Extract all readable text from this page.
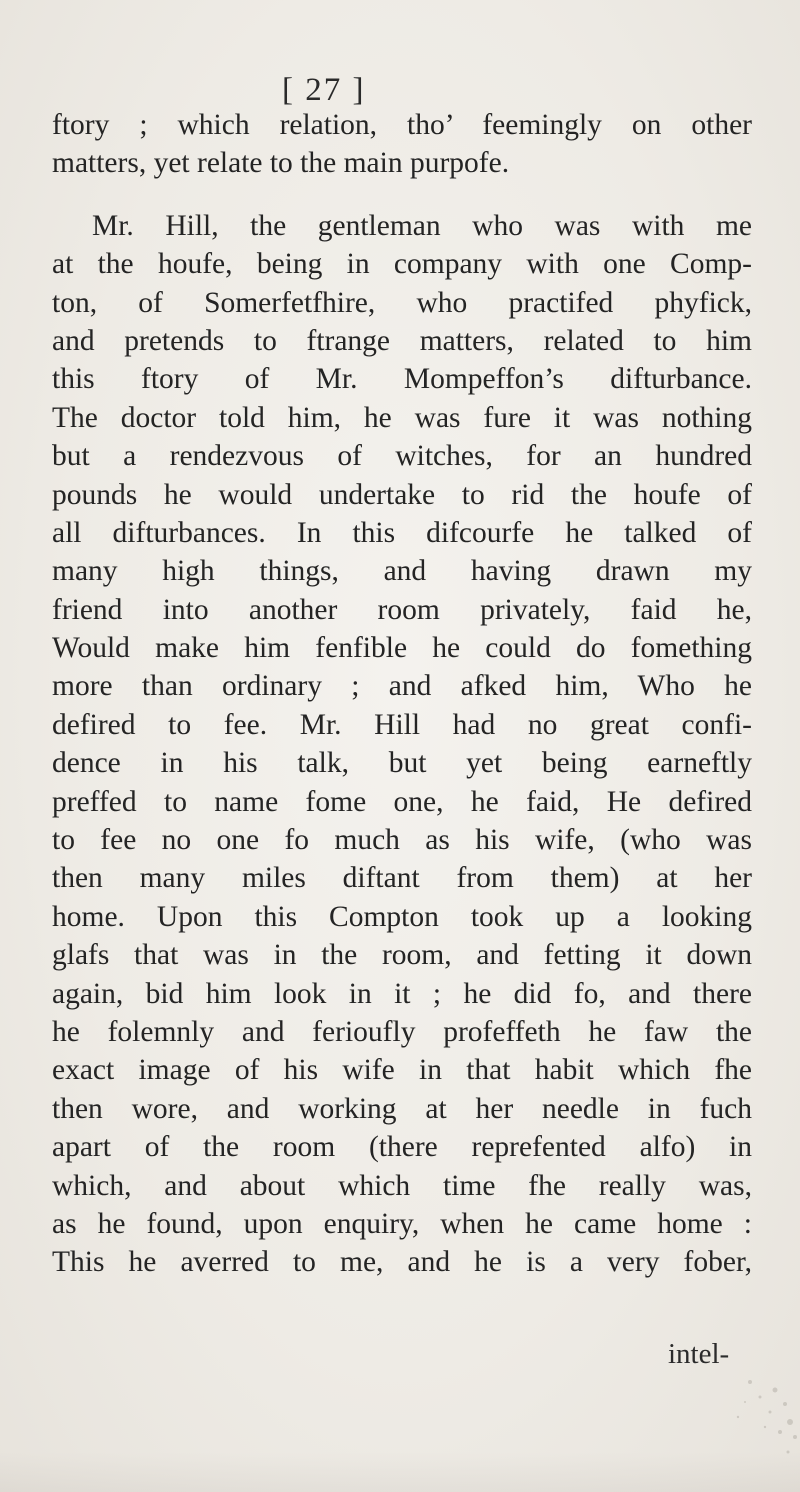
[ 27 ]
ftory ; which relation, tho’ feemingly on other
matters, yet relate to the main purpofe.
Mr. Hill, the gentleman who was with me
at the houfe, being in company with one Comp-
ton, of Somerfetfhire, who practifed phyfick,
and pretends to ftrange matters, related to him
this ftory of Mr. Mompeffon’s difturbance.
The doctor told him, he was fure it was nothing
but a rendezvous of witches, for an hundred
pounds he would undertake to rid the houfe of
all difturbances. In this difcourfe he talked of
many high things, and having drawn my
friend into another room privately, faid he,
Would make him fenfible he could do fomething
more than ordinary ; and afked him, Who he
defired to fee. Mr. Hill had no great confi-
dence in his talk, but yet being earneftly
preffed to name fome one, he faid, He defired
to fee no one fo much as his wife, (who was
then many miles diftant from them) at her
home. Upon this Compton took up a looking
glafs that was in the room, and fetting it down
again, bid him look in it ; he did fo, and there
he folemnly and ferioufly profeffeth he faw the
exact image of his wife in that habit which fhe
then wore, and working at her needle in fuch
apart of the room (there reprefented alfo) in
which, and about which time fhe really was,
as he found, upon enquiry, when he came home :
This he averred to me, and he is a very fober,
intel-
